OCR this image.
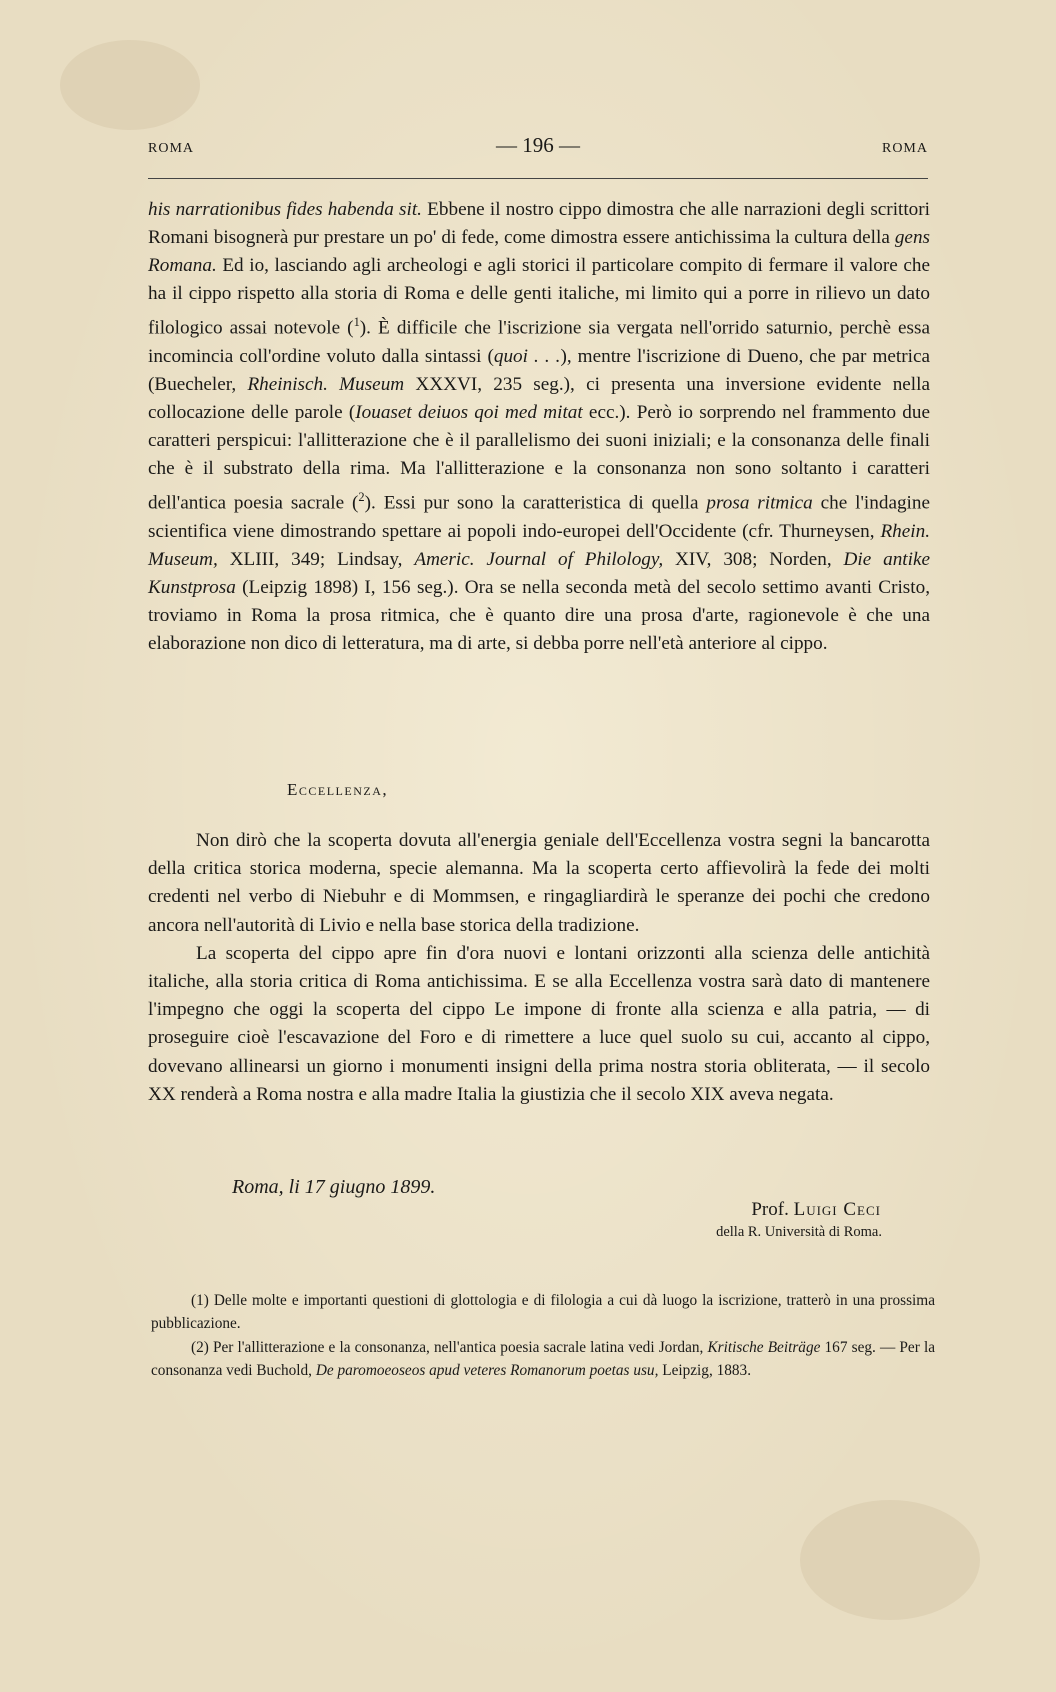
ROMA	— 196 —	ROMA

his narrationibus fides habenda sit. Ebbene il nostro cippo dimostra che alle narrazioni degli scrittori Romani bisognerà pur prestare un po' di fede, come dimostra essere antichissima la cultura della gens Romana. Ed io, lasciando agli archeologi e agli storici il particolare compito di fermare il valore che ha il cippo rispetto alla storia di Roma e delle genti italiche, mi limito qui a porre in rilievo un dato filologico assai notevole ($^1$). È difficile che l'iscrizione sia vergata nell'orrido saturnio, perchè essa incomincia coll'ordine voluto dalla sintassi (quoi . . .), mentre l'iscrizione di Dueno, che par metrica (Buecheler, Rheinisch. Museum XXXVI, 235 seg.), ci presenta una inversione evidente nella collocazione delle parole (Iouaset deiuos qoi med mitat ecc.). Però io sorprendo nel frammento due caratteri perspicui: l'allitterazione che è il parallelismo dei suoni iniziali; e la consonanza delle finali che è il substrato della rima. Ma l'allitterazione e la consonanza non sono soltanto i caratteri dell'antica poesia sacrale ($^2$). Essi pur sono la caratteristica di quella prosa ritmica che l'indagine scientifica viene dimostrando spettare ai popoli indo-europei dell'Occidente (cfr. Thurneysen, Rhein. Museum, XLIII, 349; Lindsay, Americ. Journal of Philology, XIV, 308; Norden, Die antike Kunstprosa (Leipzig 1898) I, 156 seg.). Ora se nella seconda metà del secolo settimo avanti Cristo, troviamo in Roma la prosa ritmica, che è quanto dire una prosa d'arte, ragionevole è che una elaborazione non dico di letteratura, ma di arte, si debba porre nell'età anteriore al cippo.

Eccellenza,

Non dirò che la scoperta dovuta all'energia geniale dell'Eccellenza vostra segni la bancarotta della critica storica moderna, specie alemanna. Ma la scoperta certo affievolirà la fede dei molti credenti nel verbo di Niebuhr e di Mommsen, e ringagliardirà le speranze dei pochi che credono ancora nell'autorità di Livio e nella base storica della tradizione.

La scoperta del cippo apre fin d'ora nuovi e lontani orizzonti alla scienza delle antichità italiche, alla storia critica di Roma antichissima. E se alla Eccellenza vostra sarà dato di mantenere l'impegno che oggi la scoperta del cippo Le impone di fronte alla scienza e alla patria, — di proseguire cioè l'escavazione del Foro e di rimettere a luce quel suolo su cui, accanto al cippo, dovevano allinearsi un giorno i monumenti insigni della prima nostra storia obliterata, — il secolo XX renderà a Roma nostra e alla madre Italia la giustizia che il secolo XIX aveva negata.

Roma, li 17 giugno 1899.
Prof. Luigi Ceci
della R. Università di Roma.

(1) Delle molte e importanti questioni di glottologia e di filologia a cui dà luogo la iscrizione, tratterò in una prossima pubblicazione.

(2) Per l'allitterazione e la consonanza, nell'antica poesia sacrale latina vedi Jordan, Kritische Beiträge 167 seg. — Per la consonanza vedi Buchold, De paromoeoseos apud veteres Romanorum poetas usu, Leipzig, 1883.
